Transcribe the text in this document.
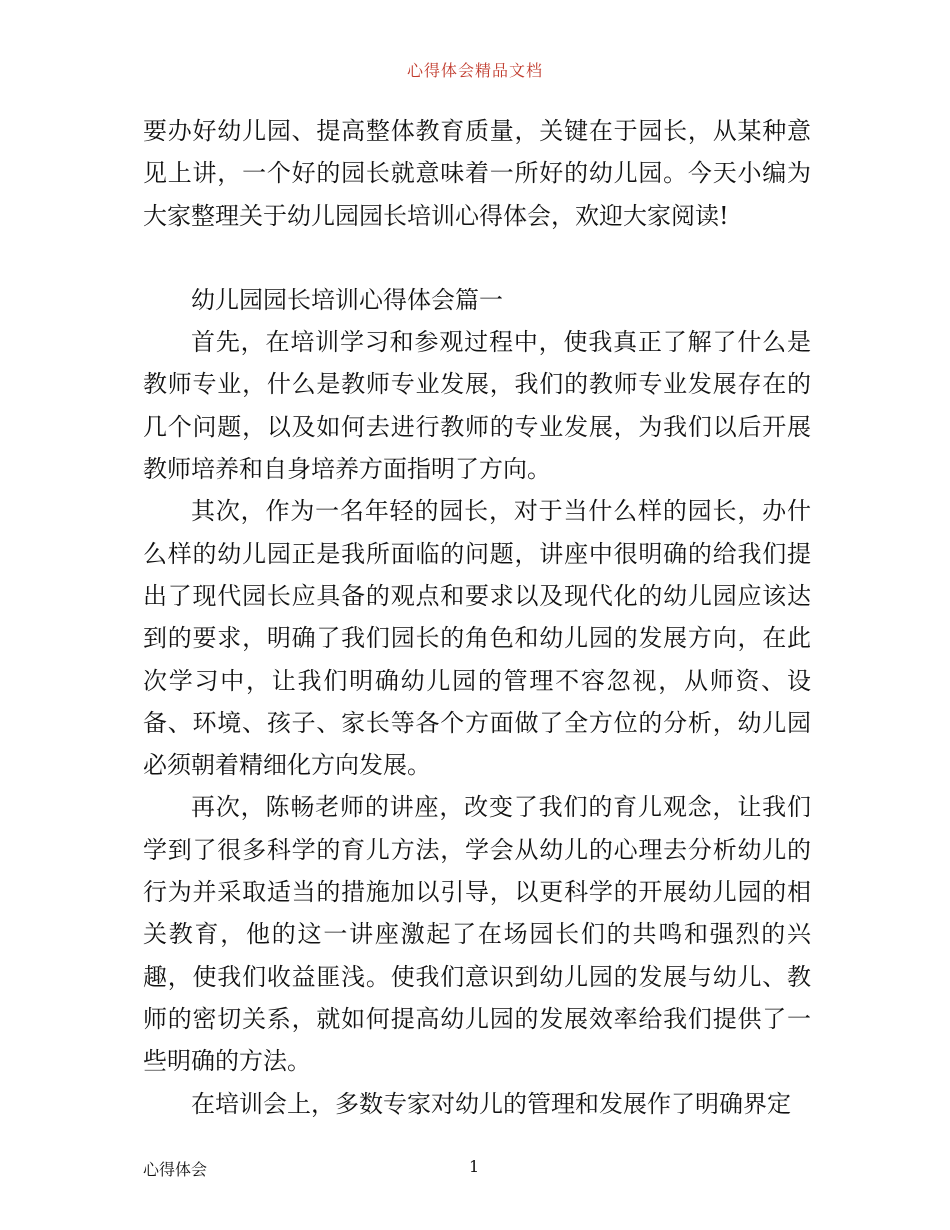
心得体会精品文档

要办好幼儿园、提高整体教育质量，关键在于园长，从某种意见上讲，一个好的园长就意味着一所好的幼儿园。今天小编为大家整理关于幼儿园园长培训心得体会，欢迎大家阅读!

幼儿园园长培训心得体会篇一

首先，在培训学习和参观过程中，使我真正了解了什么是教师专业，什么是教师专业发展，我们的教师专业发展存在的几个问题，以及如何去进行教师的专业发展，为我们以后开展教师培养和自身培养方面指明了方向。

其次，作为一名年轻的园长，对于当什么样的园长，办什么样的幼儿园正是我所面临的问题，讲座中很明确的给我们提出了现代园长应具备的观点和要求以及现代化的幼儿园应该达到的要求，明确了我们园长的角色和幼儿园的发展方向，在此次学习中，让我们明确幼儿园的管理不容忽视，从师资、设备、环境、孩子、家长等各个方面做了全方位的分析，幼儿园必须朝着精细化方向发展。

再次，陈畅老师的讲座，改变了我们的育儿观念，让我们学到了很多科学的育儿方法，学会从幼儿的心理去分析幼儿的行为并采取适当的措施加以引导，以更科学的开展幼儿园的相关教育，他的这一讲座激起了在场园长们的共鸣和强烈的兴趣，使我们收益匪浅。使我们意识到幼儿园的发展与幼儿、教师的密切关系，就如何提高幼儿园的发展效率给我们提供了一些明确的方法。

在培训会上，多数专家对幼儿的管理和发展作了明确界定

心得体会	1
